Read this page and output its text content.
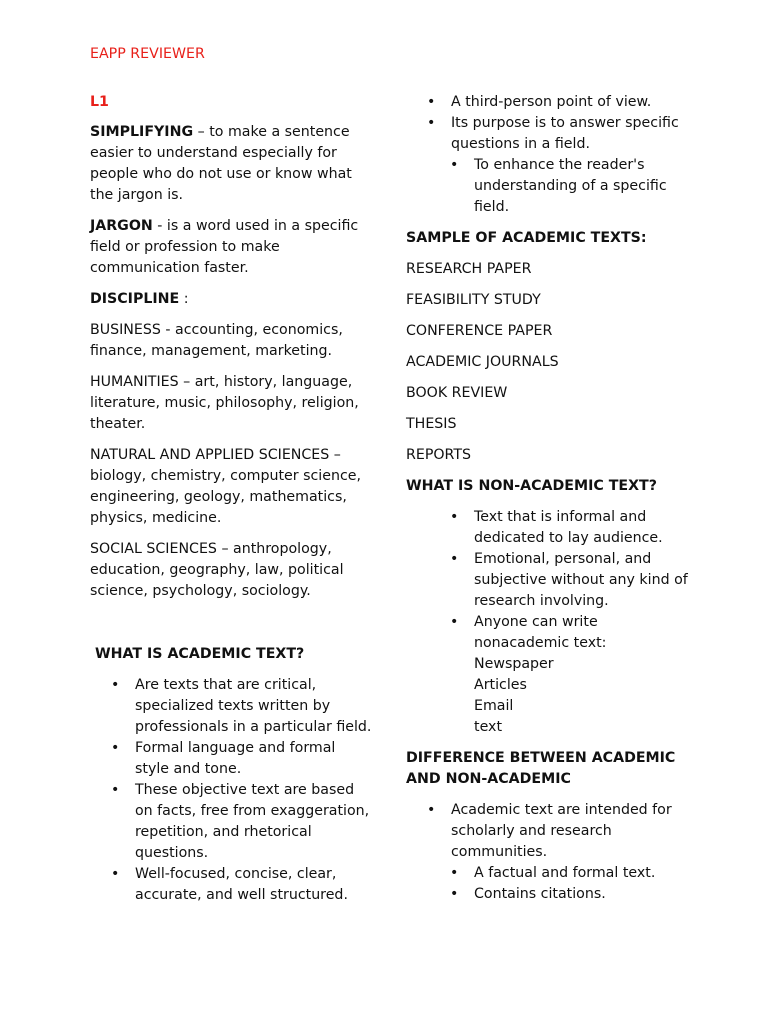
EAPP REVIEWER

L1

SIMPLIFYING – to make a sentence easier to understand especially for people who do not use or know what the jargon is.

JARGON - is a word used in a specific field or profession to make communication faster.

DISCIPLINE :

BUSINESS - accounting, economics, finance, management, marketing.

HUMANITIES – art, history, language, literature, music, philosophy, religion, theater.

NATURAL AND APPLIED SCIENCES – biology, chemistry, computer science, engineering, geology, mathematics, physics, medicine.

SOCIAL SCIENCES – anthropology, education, geography, law, political science, psychology, sociology.

WHAT IS ACADEMIC TEXT?

• Are texts that are critical, specialized texts written by professionals in a particular field.
• Formal language and formal style and tone.
• These objective text are based on facts, free from exaggeration, repetition, and rhetorical questions.
• Well-focused, concise, clear, accurate, and well structured.
• A third-person point of view.
• Its purpose is to answer specific questions in a field.
• To enhance the reader's understanding of a specific field.

SAMPLE OF ACADEMIC TEXTS:

RESEARCH PAPER

FEASIBILITY STUDY

CONFERENCE PAPER

ACADEMIC JOURNALS

BOOK REVIEW

THESIS

REPORTS

WHAT IS NON-ACADEMIC TEXT?

• Text that is informal and dedicated to lay audience.
• Emotional, personal, and subjective without any kind of research involving.
• Anyone can write nonacademic text:
Newspaper
Articles
Email
text

DIFFERENCE BETWEEN ACADEMIC AND NON-ACADEMIC

• Academic text are intended for scholarly and research communities.
• A factual and formal text.
• Contains citations.
